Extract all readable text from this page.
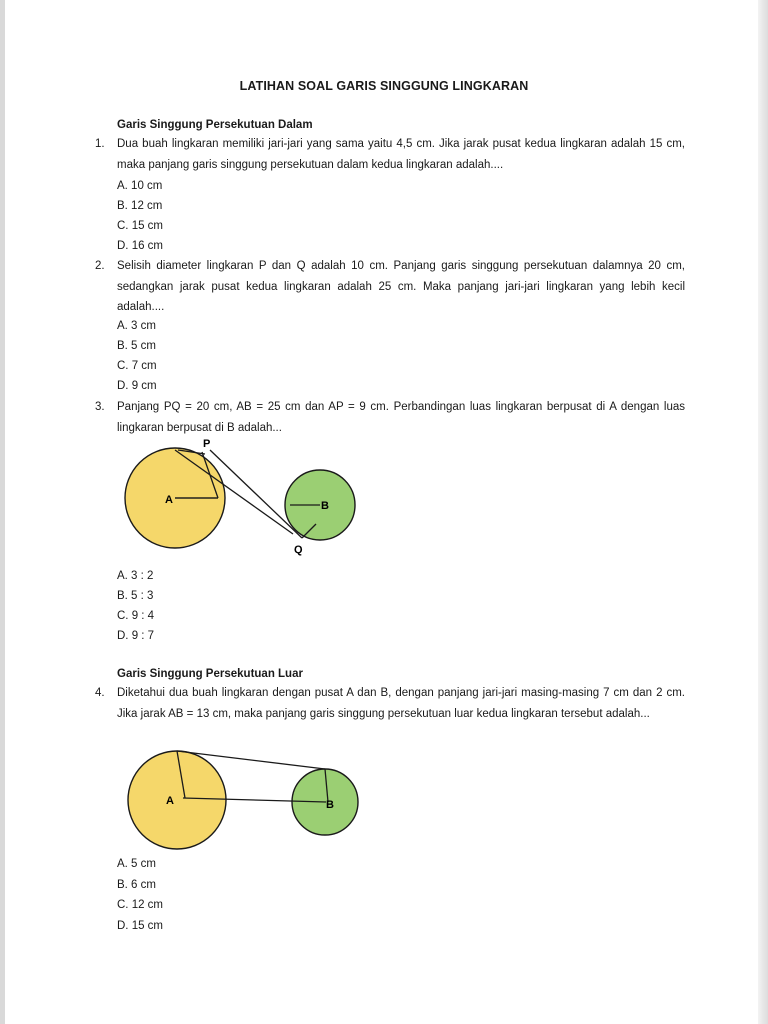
LATIHAN SOAL GARIS SINGGUNG LINGKARAN
Garis Singgung Persekutuan Dalam
1. Dua buah lingkaran memiliki jari-jari yang sama yaitu 4,5 cm. Jika jarak pusat kedua lingkaran adalah 15 cm, maka panjang garis singgung persekutuan dalam kedua lingkaran adalah....
A. 10 cm
B. 12 cm
C. 15 cm
D. 16 cm
2. Selisih diameter lingkaran P dan Q adalah 10 cm. Panjang garis singgung persekutuan dalamnya 20 cm, sedangkan jarak pusat kedua lingkaran adalah 25 cm. Maka panjang jari-jari lingkaran yang lebih kecil adalah....
A. 3 cm
B. 5 cm
C. 7 cm
D. 9 cm
3. Panjang PQ = 20 cm, AB = 25 cm dan AP = 9 cm. Perbandingan luas lingkaran berpusat di A dengan luas lingkaran berpusat di B adalah...
P
A	B
Q
A. 3 : 2
B. 5 : 3
C. 9 : 4
D. 9 : 7
Garis Singgung Persekutuan Luar
4. Diketahui dua buah lingkaran dengan pusat A dan B, dengan panjang jari-jari masing-masing 7 cm dan 2 cm. Jika jarak AB = 13 cm, maka panjang garis singgung persekutuan luar kedua lingkaran tersebut adalah...
A	B
A. 5 cm
B. 6 cm
C. 12 cm
D. 15 cm
